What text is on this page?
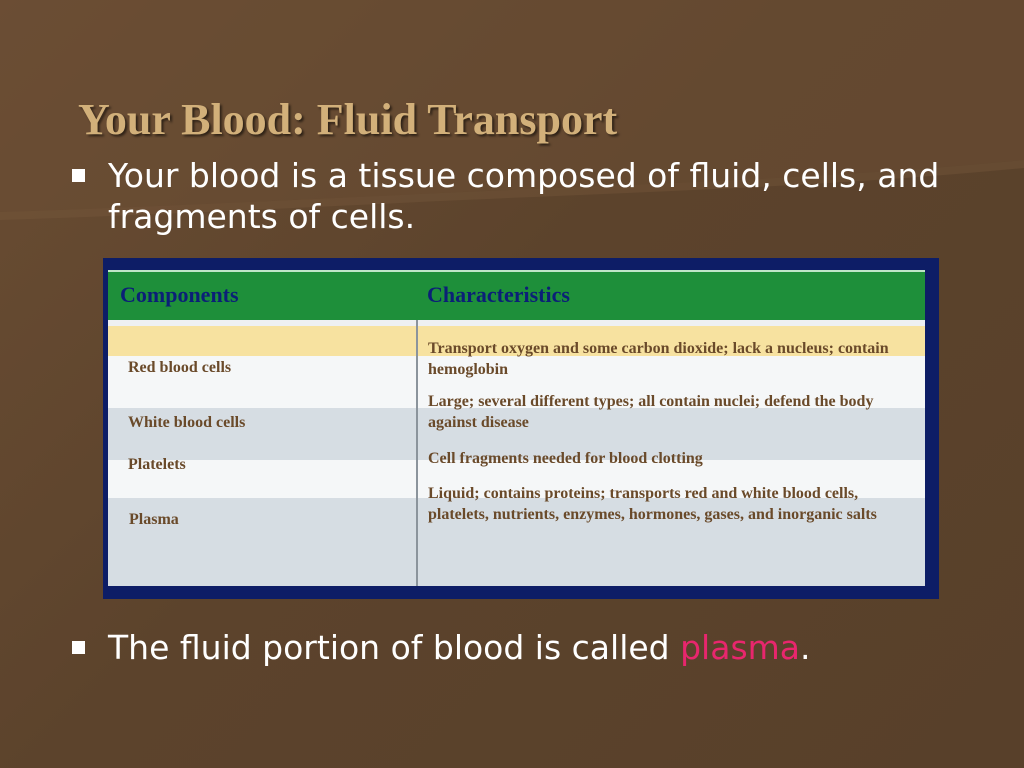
Your Blood: Fluid Transport
Your blood is a tissue composed of fluid, cells, and fragments of cells.
Components	Characteristics
Red blood cells
Transport oxygen and some carbon dioxide; lack a nucleus; contain hemoglobin
White blood cells
Large; several different types; all contain nuclei; defend the body against disease
Platelets	Cell fragments needed for blood clotting
Plasma
Liquid; contains proteins; transports red and white blood cells, platelets, nutrients, enzymes, hormones, gases, and inorganic salts
The fluid portion of blood is called plasma.
